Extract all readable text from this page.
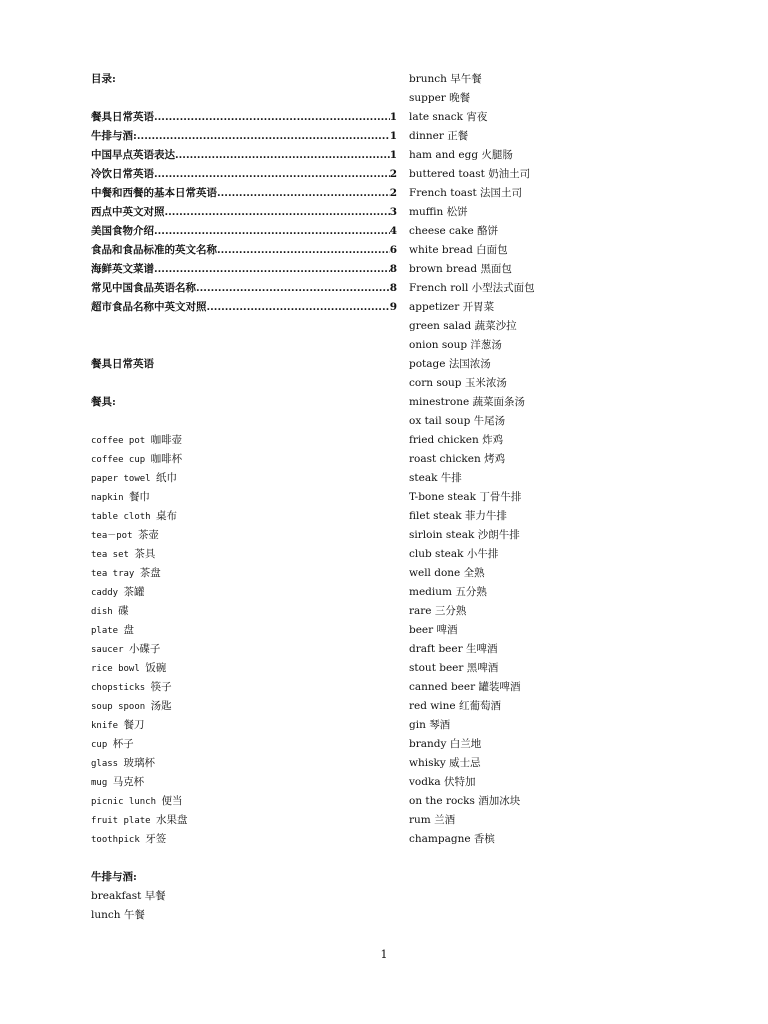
目录:
餐具日常英语 .....	1
牛排与酒: .....	1
中国早点英语表达 .....	1
冷饮日常英语 .....	2
中餐和西餐的基本日常英语 .....	2
西点中英文对照 .....	3
美国食物介绍 .....	4
食品和食品标准的英文名称 .....	6
海鲜英文菜谱 .....	8
常见中国食品英语名称 .....	8
超市食品名称中英文对照 .....	9
餐具日常英语
餐具:
coffee pot 咖啡壶
coffee cup 咖啡杯
paper towel 纸巾
napkin 餐巾
table cloth 桌布
tea－pot 茶壶
tea set 茶具
tea tray 茶盘
caddy 茶罐
dish 碟
plate 盘
saucer 小碟子
rice bowl 饭碗
chopsticks 筷子
soup spoon 汤匙
knife 餐刀
cup 杯子
glass 玻璃杯
mug 马克杯
picnic lunch 便当
fruit plate 水果盘
toothpick 牙签
牛排与酒:
breakfast 早餐
lunch 午餐
brunch 早午餐
supper 晚餐
late snack 宵夜
dinner 正餐
ham and egg 火腿肠
buttered toast 奶油土司
French toast 法国土司
muffin 松饼
cheese cake 酪饼
white bread 白面包
brown bread 黑面包
French roll 小型法式面包
appetizer 开胃菜
green salad 蔬菜沙拉
onion soup 洋葱汤
potage 法国浓汤
corn soup 玉米浓汤
minestrone 蔬菜面条汤
ox tail soup 牛尾汤
fried chicken 炸鸡
roast chicken 烤鸡
steak 牛排
T-bone steak 丁骨牛排
filet steak 菲力牛排
sirloin steak 沙朗牛排
club steak 小牛排
well done 全熟
medium 五分熟
rare 三分熟
beer 啤酒
draft beer 生啤酒
stout beer 黑啤酒
canned beer 罐装啤酒
red wine 红葡萄酒
gin 琴酒
brandy 白兰地
whisky 威士忌
vodka 伏特加
on the rocks 酒加冰块
rum 兰酒
champagne 香槟
1
